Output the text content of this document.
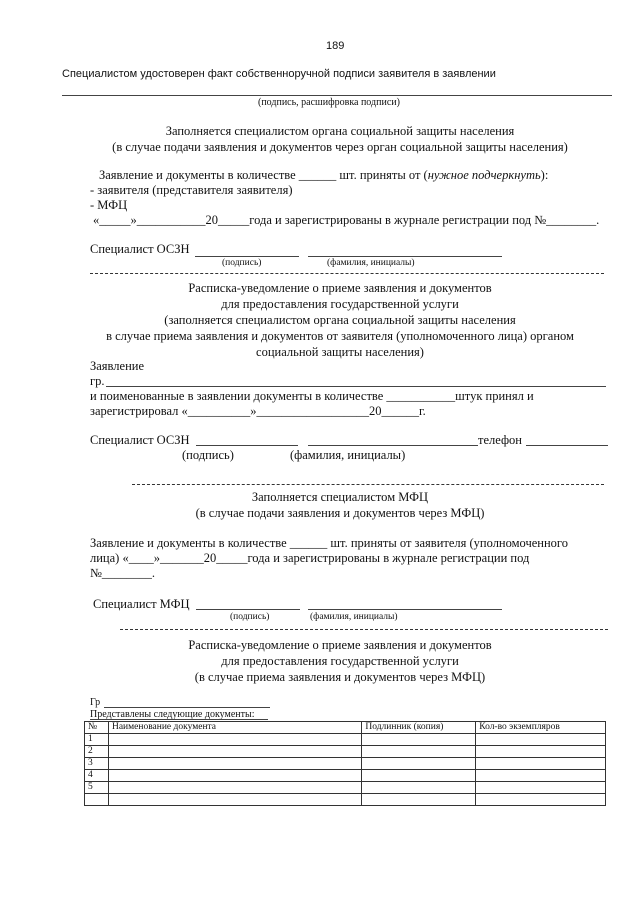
189
Специалистом удостоверен факт собственноручной подписи заявителя в заявлении
(подпись, расшифровка подписи)
Заполняется специалистом органа социальной защиты населения
(в случае подачи заявления и документов через орган социальной защиты населения)
Заявление и документы в количестве ______ шт. приняты от (нужное подчеркнуть):
- заявителя (представителя заявителя)
- МФЦ
«_____»___________20_____года и зарегистрированы в журнале регистрации под №________.
Специалист ОСЗН
(подпись)	(фамилия, инициалы)
Расписка-уведомление о приеме заявления и документов
для предоставления государственной услуги
(заполняется специалистом органа социальной защиты населения
в случае приема заявления и документов от заявителя (уполномоченного лица) органом
социальной защиты населения)
Заявление
гр.
и поименованные в заявлении документы в количестве ___________штук принял и
зарегистрировал «__________»__________________20______г.
Специалист ОСЗН	телефон
(подпись)	(фамилия, инициалы)
Заполняется специалистом МФЦ
(в случае подачи заявления и документов через МФЦ)
Заявление и документы в количестве ______ шт. приняты от заявителя (уполномоченного
лица) «____»_______20_____года и зарегистрированы в журнале регистрации под
№________.
Специалист МФЦ
(подпись)	(фамилия, инициалы)
Расписка-уведомление о приеме заявления и документов
для предоставления государственной услуги
(в случае приема заявления и документов через МФЦ)
Гр
Представлены следующие документы:
№	Наименование документа	Подлинник (копия)	Кол-во экземпляров
1			
2			
3			
4			
5			
